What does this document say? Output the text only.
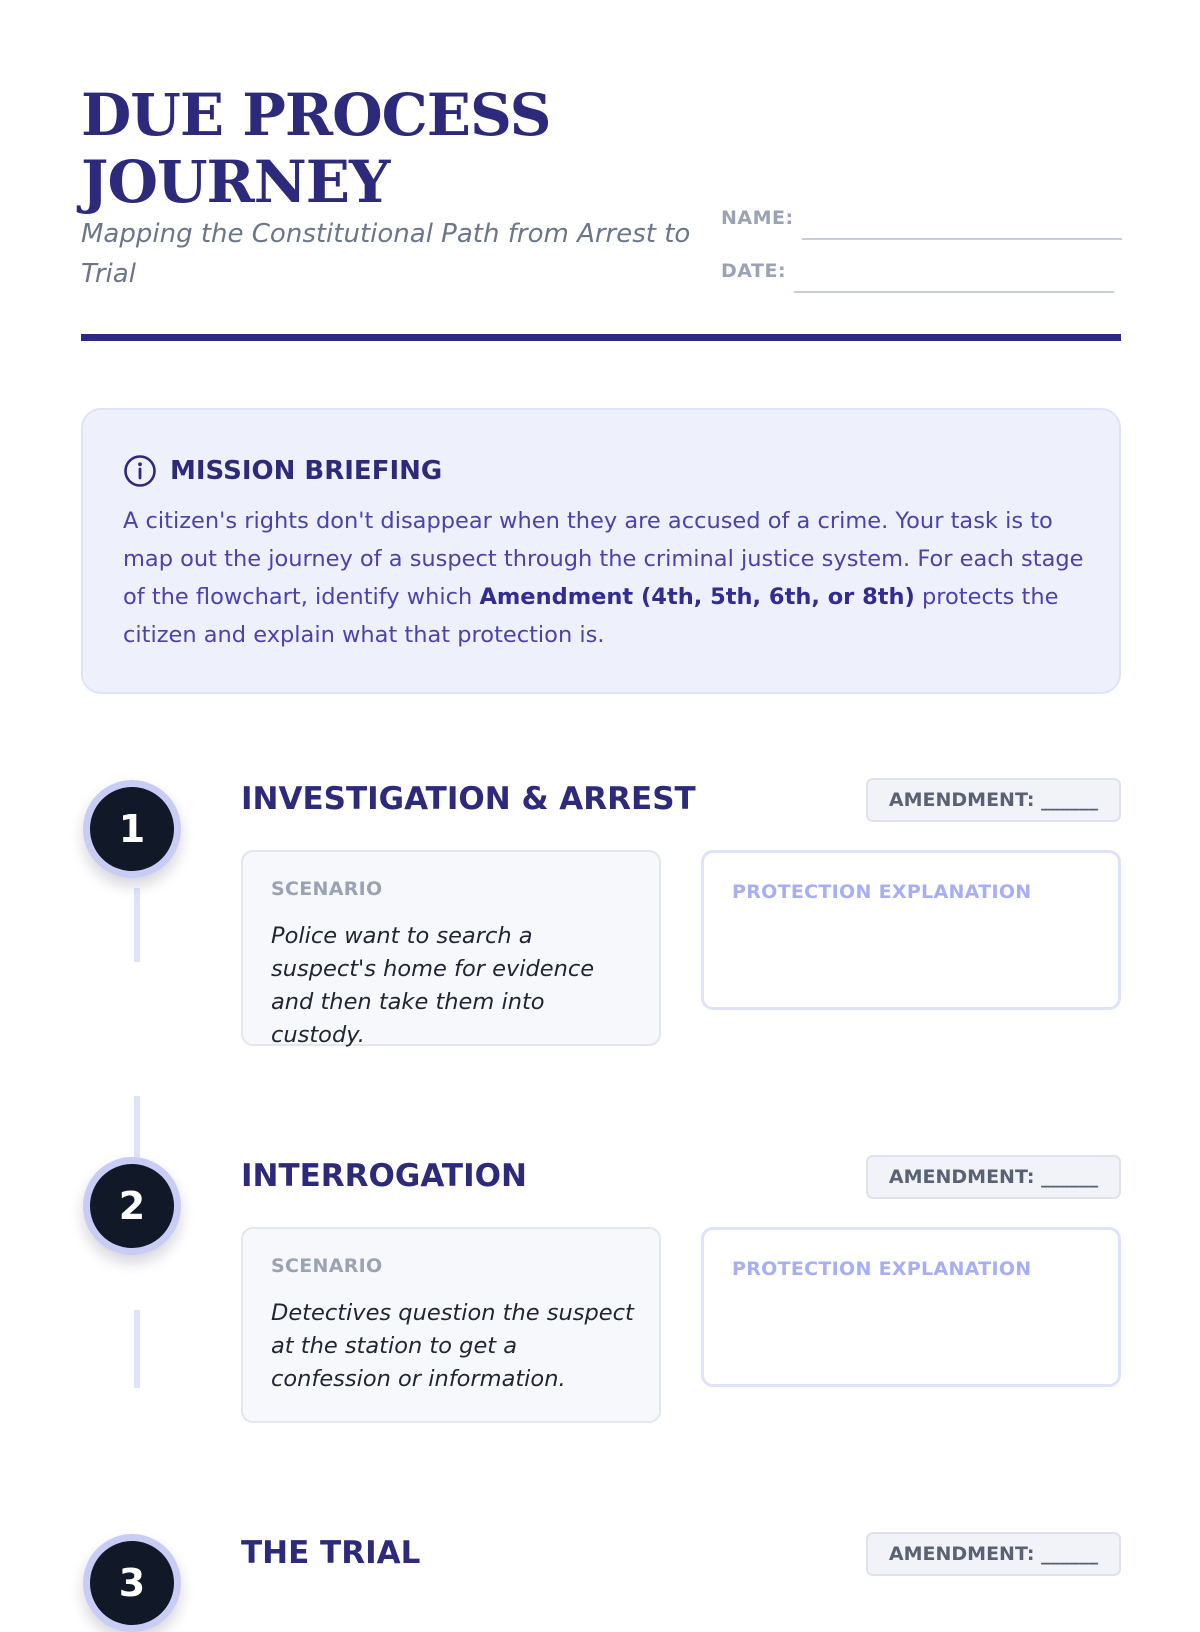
DUE PROCESS
JOURNEY

Mapping the Constitutional Path from Arrest to Trial

NAME:
DATE:
MISSION BRIEFING

A citizen's rights don't disappear when they are accused of a crime. Your task is to map out the journey of a suspect through the criminal justice system. For each stage of the flowchart, identify which Amendment (4th, 5th, 6th, or 8th) protects the citizen and explain what that protection is.

1
INVESTIGATION & ARREST	AMENDMENT: ______

SCENARIO

Police want to search a suspect's home for evidence and then take them into custody.

PROTECTION EXPLANATION

2
INTERROGATION	AMENDMENT: ______

SCENARIO

Detectives question the suspect at the station to get a confession or information.

PROTECTION EXPLANATION

3
THE TRIAL	AMENDMENT: ______
